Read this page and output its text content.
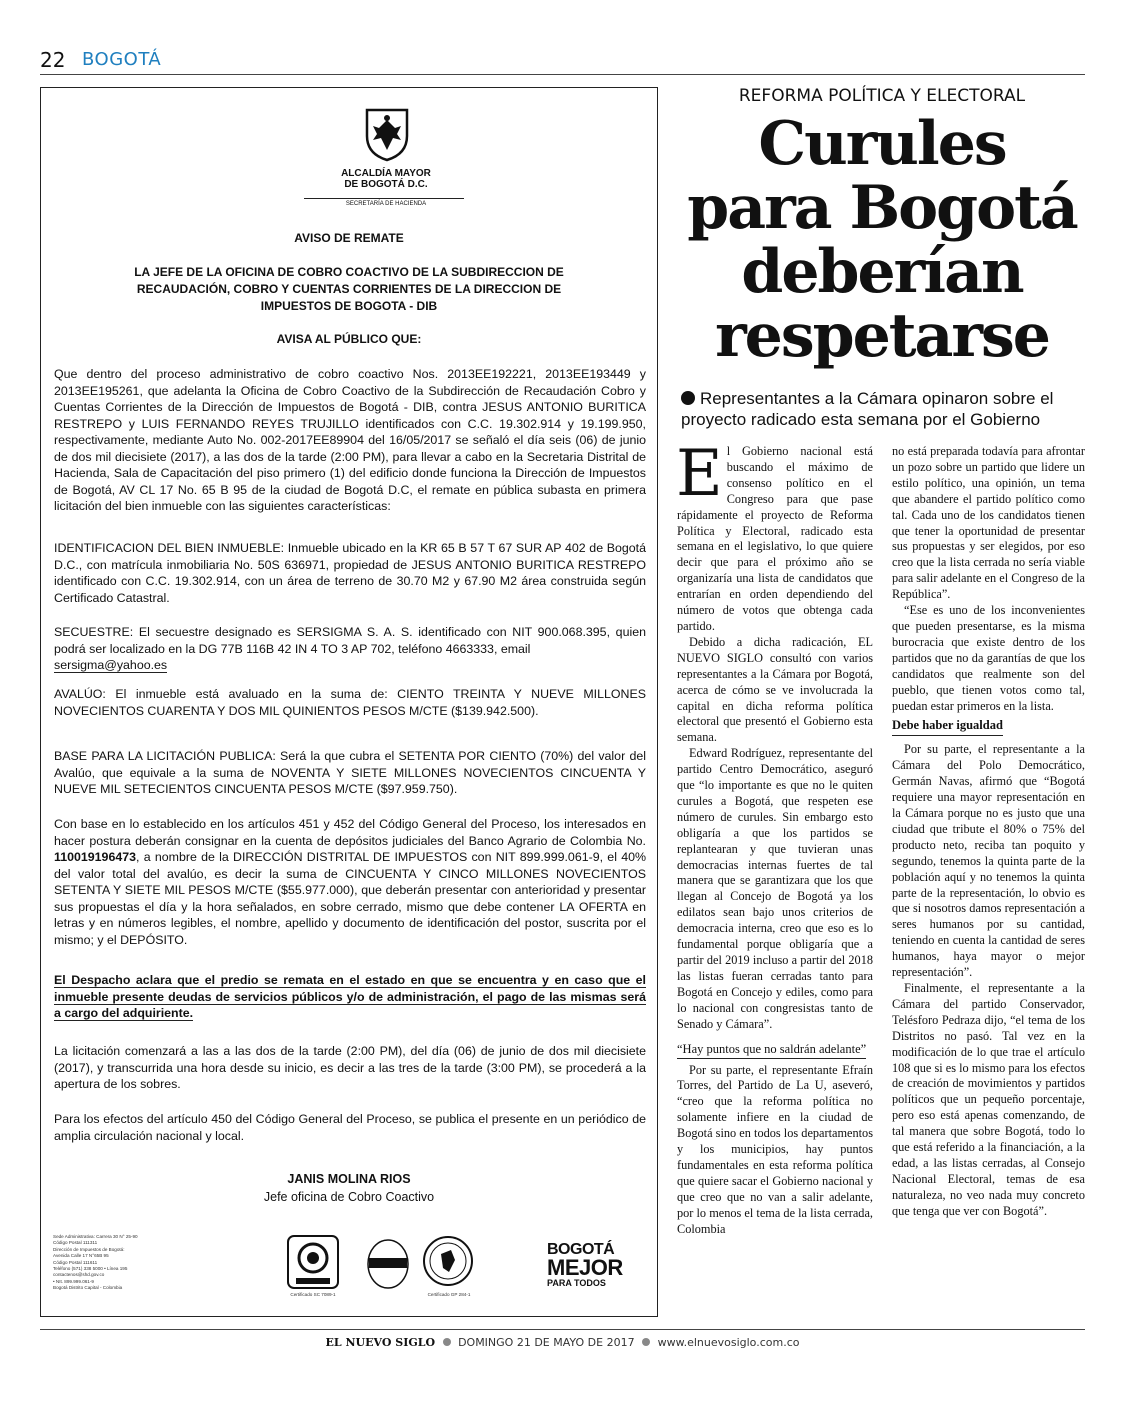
22 BOGOTÁ
ALCALDÍA MAYOR
DE BOGOTÁ D.C.
SECRETARÍA DE HACIENDA
AVISO DE REMATE
LA JEFE DE LA OFICINA DE COBRO COACTIVO DE LA SUBDIRECCION DE RECAUDACIÓN, COBRO Y CUENTAS CORRIENTES DE LA DIRECCION DE IMPUESTOS DE BOGOTA - DIB
AVISA AL PÚBLICO QUE:
Que dentro del proceso administrativo de cobro coactivo Nos. 2013EE192221, 2013EE193449 y 2013EE195261, que adelanta la Oficina de Cobro Coactivo de la Subdirección de Recaudación Cobro y Cuentas Corrientes de la Dirección de Impuestos de Bogotá - DIB, contra JESUS ANTONIO BURITICA RESTREPO y LUIS FERNANDO REYES TRUJILLO identificados con C.C. 19.302.914 y 19.199.950, respectivamente, mediante Auto No. 002-2017EE89904 del 16/05/2017 se señaló el día seis (06) de junio de dos mil diecisiete (2017), a las dos de la tarde (2:00 PM), para llevar a cabo en la Secretaria Distrital de Hacienda, Sala de Capacitación del piso primero (1) del edificio donde funciona la Dirección de Impuestos de Bogotá, AV CL 17 No. 65 B 95 de la ciudad de Bogotá D.C, el remate en pública subasta en primera licitación del bien inmueble con las siguientes características:
IDENTIFICACION DEL BIEN INMUEBLE: Inmueble ubicado en la KR 65 B 57 T 67 SUR AP 402 de Bogotá D.C., con matrícula inmobiliaria No. 50S 636971, propiedad de JESUS ANTONIO BURITICA RESTREPO identificado con C.C. 19.302.914, con un área de terreno de 30.70 M2 y 67.90 M2 área construida según Certificado Catastral.
SECUESTRE: El secuestre designado es SERSIGMA S. A. S. identificado con NIT 900.068.395, quien podrá ser localizado en la DG 77B 116B 42 IN 4 TO 3 AP 702, teléfono 4663333, email
sersigma@yahoo.es
AVALÚO: El inmueble está avaluado en la suma de: CIENTO TREINTA Y NUEVE MILLONES NOVECIENTOS CUARENTA Y DOS MIL QUINIENTOS PESOS M/CTE ($139.942.500).
BASE PARA LA LICITACIÓN PUBLICA: Será la que cubra el SETENTA POR CIENTO (70%) del valor del Avalúo, que equivale a la suma de NOVENTA Y SIETE MILLONES NOVECIENTOS CINCUENTA Y NUEVE MIL SETECIENTOS CINCUENTA PESOS M/CTE ($97.959.750).
Con base en lo establecido en los artículos 451 y 452 del Código General del Proceso, los interesados en hacer postura deberán consignar en la cuenta de depósitos judiciales del Banco Agrario de Colombia No. 110019196473, a nombre de la DIRECCIÓN DISTRITAL DE IMPUESTOS con NIT 899.999.061-9, el 40% del valor total del avalúo, es decir la suma de CINCUENTA Y CINCO MILLONES NOVECIENTOS SETENTA Y SIETE MIL PESOS M/CTE ($55.977.000), que deberán presentar con anterioridad y presentar sus propuestas el día y la hora señalados, en sobre cerrado, mismo que debe contener LA OFERTA en letras y en números legibles, el nombre, apellido y documento de identificación del postor, suscrita por el mismo; y el DEPÓSITO.
El Despacho aclara que el predio se remata en el estado en que se encuentra y en caso que el inmueble presente deudas de servicios públicos y/o de administración, el pago de las mismas será a cargo del adquiriente.
La licitación comenzará a las a las dos de la tarde (2:00 PM), del día (06) de junio de dos mil diecisiete (2017), y transcurrida una hora desde su inicio, es decir a las tres de la tarde (3:00 PM), se procederá a la apertura de los sobres.
Para los efectos del artículo 450 del Código General del Proceso, se publica el presente en un periódico de amplia circulación nacional y local.
JANIS MOLINA RIOS
Jefe oficina de Cobro Coactivo
Sede Administrativa: Carrera 30 N° 25-90
Código Postal 111311
Dirección de Impuestos de Bogotá:
Avenida Calle 17 N°65B 95
Código Postal 111611
Teléfono (571) 338 5000 • Línea 195
contactenos@shd.gov.co
• NIt. 899.999.061-9
Bogotá Distrito Capital - Colombia
Certificado SC 7089-1	Certificado GP 284-1
BOGOTÁ
MEJOR
PARA TODOS
REFORMA POLÍTICA Y ELECTORAL
Curules
para Bogotá
deberían
respetarse
Representantes a la Cámara opinaron sobre el proyecto radicado esta semana por el Gobierno

El Gobierno nacional está buscando el máximo de consenso político en el Congreso para que pase rápidamente el proyecto de Reforma Política y Electoral, radicado esta semana en el legislativo, lo que quiere decir que para el próximo año se organizaría una lista de candidatos que entrarían en orden dependiendo del número de votos que obtenga cada partido.

Debido a dicha radicación, EL NUEVO SIGLO consultó con varios representantes a la Cámara por Bogotá, acerca de cómo se ve involucrada la capital en dicha reforma política electoral que presentó el Gobierno esta semana.

Edward Rodríguez, representante del partido Centro Democrático, aseguró que “lo importante es que no le quiten curules a Bogotá, que respeten ese número de curules. Sin embargo esto obligaría a que los partidos se replantearan y que tuvieran unas democracias internas fuertes de tal manera que se garantizara que los que llegan al Concejo de Bogotá ya los edilatos sean bajo unos criterios de democracia interna, creo que eso es lo fundamental porque obligaría que a partir del 2019 incluso a partir del 2018 las listas fueran cerradas tanto para Bogotá en Concejo y ediles, como para lo nacional con congresistas tanto de Senado y Cámara”.

“Hay puntos que no saldrán adelante”

Por su parte, el representante Efraín Torres, del Partido de La U, aseveró, “creo que la reforma política no solamente infiere en la ciudad de Bogotá sino en todos los departamentos y los municipios, hay puntos fundamentales en esta reforma política que quiere sacar el Gobierno nacional y que creo que no van a salir adelante, por lo menos el tema de la lista cerrada, Colombia

no está preparada todavía para afrontar un pozo sobre un partido que lidere un estilo político, una opinión, un tema que abandere el partido político como tal. Cada uno de los candidatos tienen que tener la oportunidad de presentar sus propuestas y ser elegidos, por eso creo que la lista cerrada no sería viable para salir adelante en el Congreso de la República”.

“Ese es uno de los inconvenientes que pueden presentarse, es la misma burocracia que existe dentro de los partidos que no da garantías de que los candidatos que realmente son del pueblo, que tienen votos como tal, puedan estar primeros en la lista.

Debe haber igualdad

Por su parte, el representante a la Cámara del Polo Democrático, Germán Navas, afirmó que “Bogotá requiere una mayor representación en la Cámara porque no es justo que una ciudad que tribute el 80% o 75% del producto neto, reciba tan poquito y segundo, tenemos la quinta parte de la población aquí y no tenemos la quinta parte de la representación, lo obvio es que si nosotros damos representación a seres humanos por su cantidad, teniendo en cuenta la cantidad de seres humanos, haya mayor o mejor representación”.

Finalmente, el representante a la Cámara del partido Conservador, Telésforo Pedraza dijo, “el tema de los Distritos no pasó. Tal vez en la modificación de lo que trae el artículo 108 que si es lo mismo para los efectos de creación de movimientos y partidos políticos que un pequeño porcentaje, pero eso está apenas comenzando, de tal manera que sobre Bogotá, todo lo que está referido a la financiación, a la edad, a las listas cerradas, al Consejo Nacional Electoral, temas de esa naturaleza, no veo nada muy concreto que tenga que ver con Bogotá”.

EL NUEVO SIGLO DOMINGO 21 DE MAYO DE 2017 www.elnuevosiglo.com.co
